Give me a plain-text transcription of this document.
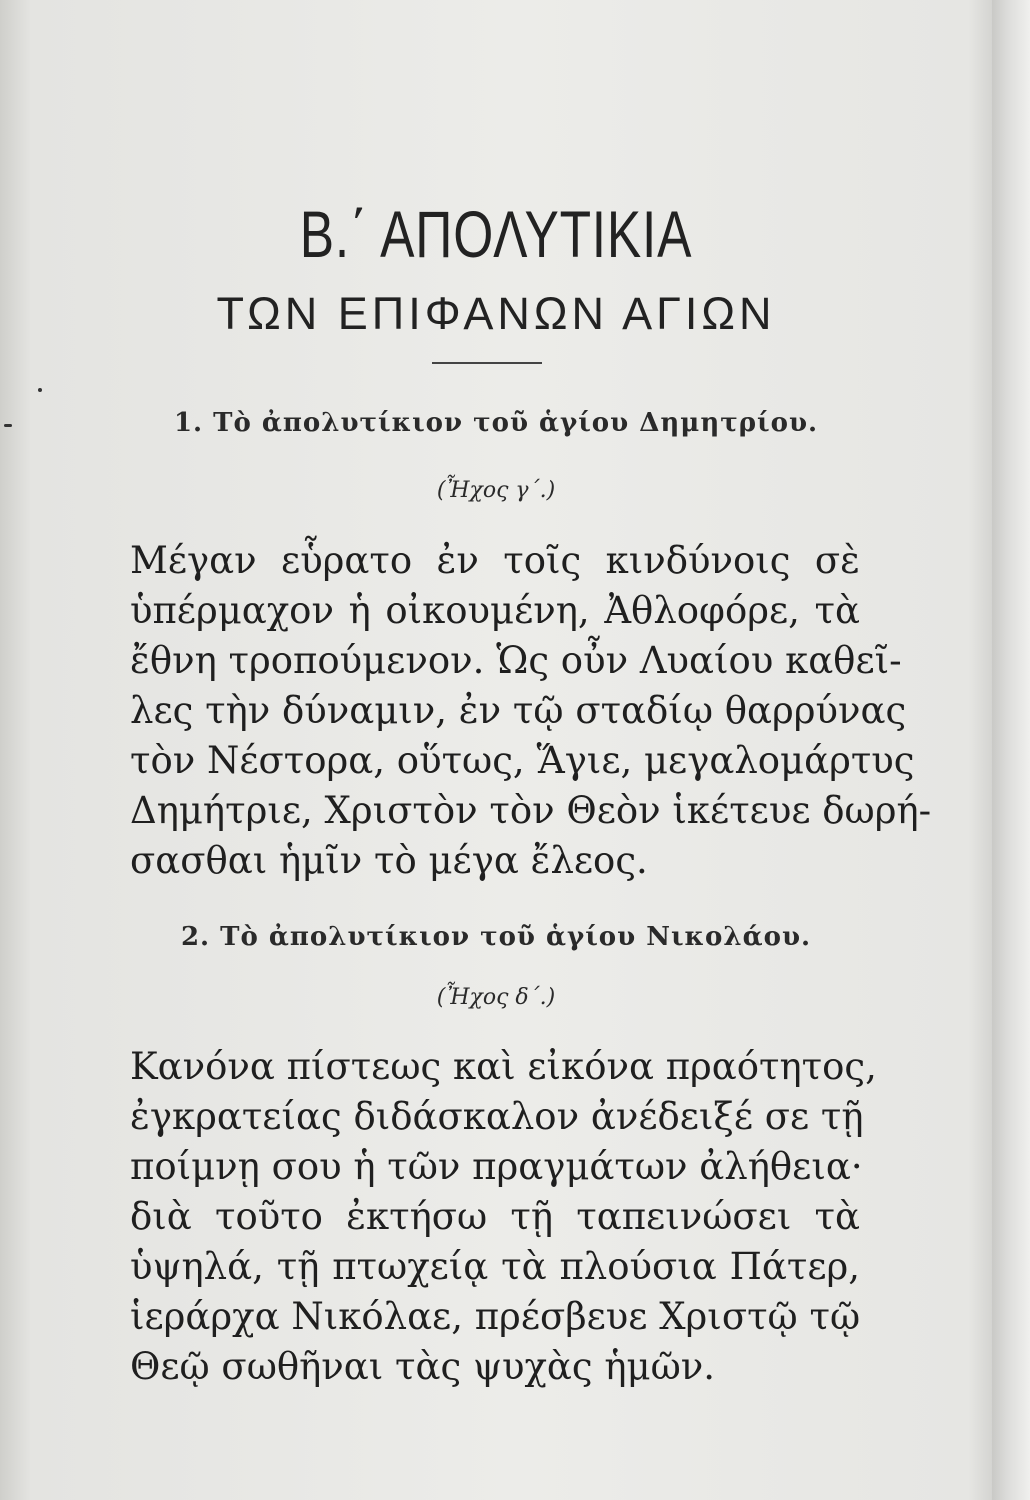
Β.΄ ΑΠΟΛΥΤΙΚΙΑ
ΤΩΝ ΕΠΙΦΑΝΩΝ ΑΓΙΩΝ
1. Τὸ ἀπολυτίκιον τοῦ ἁγίου Δημητρίου.
(Ἦχος γ΄.)
Μέγαν εὗρατο ἐν τοῖς κινδύνοις σὲ
ὑπέρμαχον ἡ οἰκουμένη, Ἀθλοφόρε, τὰ
ἔθνη τροπούμενον. Ὡς οὖν Λυαίου καθεῖ-
λες τὴν δύναμιν, ἐν τῷ σταδίῳ θαρρύνας
τὸν Νέστορα, οὕτως, Ἅγιε, μεγαλομάρτυς
Δημήτριε, Χριστὸν τὸν Θεὸν ἱκέτευε δωρή-
σασθαι ἡμῖν τὸ μέγα ἔλεος.
2. Τὸ ἀπολυτίκιον τοῦ ἁγίου Νικολάου.
(Ἦχος δ΄.)
Κανόνα πίστεως καὶ εἰκόνα πραότητος,
ἐγκρατείας διδάσκαλον ἀνέδειξέ σε τῇ
ποίμνῃ σου ἡ τῶν πραγμάτων ἀλήθεια·
διὰ τοῦτο ἐκτήσω τῇ ταπεινώσει τὰ
ὑψηλά, τῇ πτωχείᾳ τὰ πλούσια Πάτερ,
ἱεράρχα Νικόλαε, πρέσβευε Χριστῷ τῷ
Θεῷ σωθῆναι τὰς ψυχὰς ἡμῶν.
